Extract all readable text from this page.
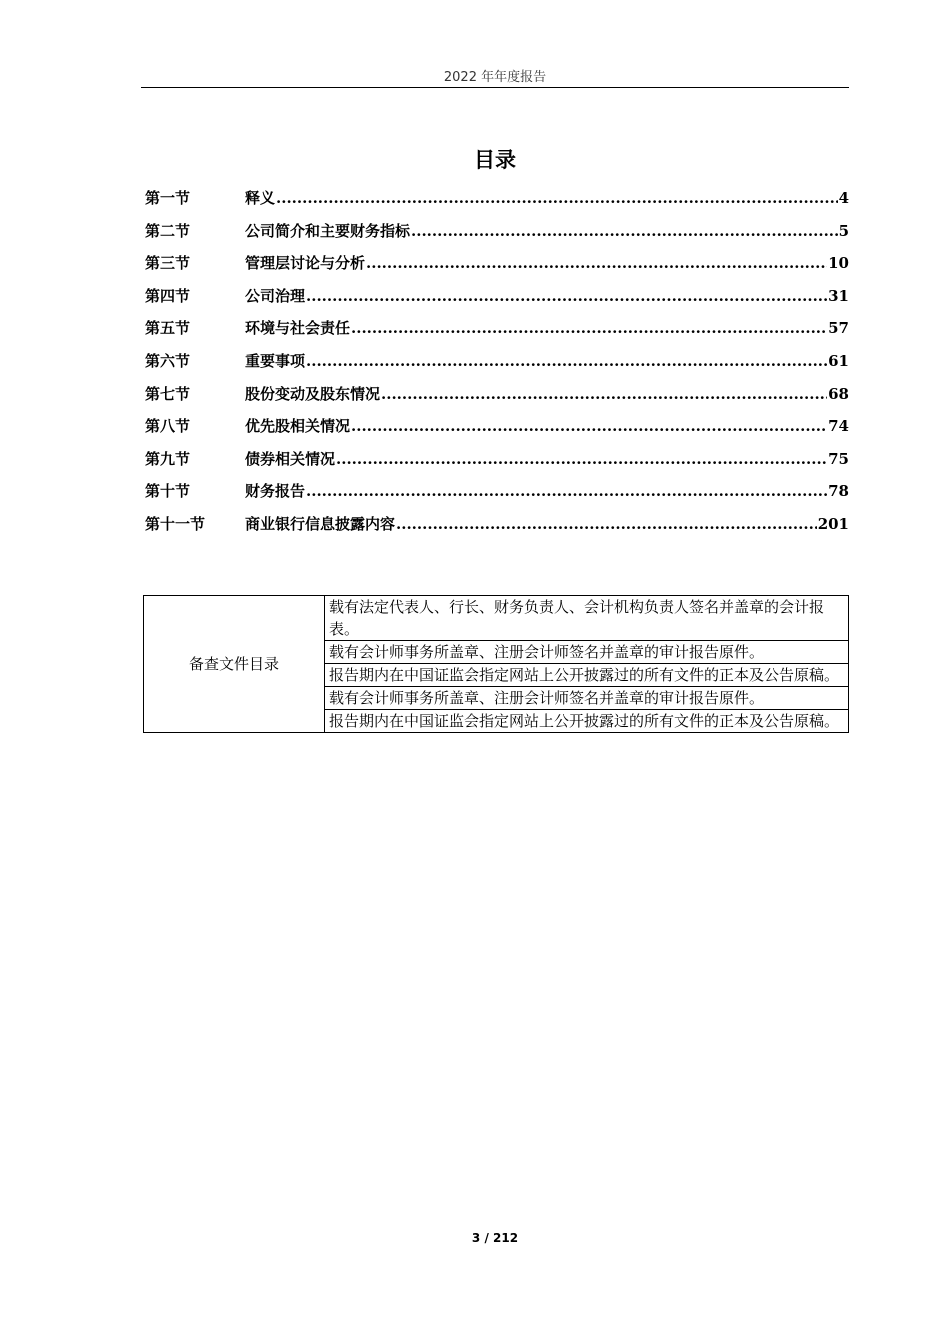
2022 年年度报告
目录
第一节	释义 .....	4
第二节	公司简介和主要财务指标 .....	5
第三节	管理层讨论与分析 .....	10
第四节	公司治理 .....	31
第五节	环境与社会责任 .....	57
第六节	重要事项 .....	61
第七节	股份变动及股东情况 .....	68
第八节	优先股相关情况 .....	74
第九节	债券相关情况 .....	75
第十节	财务报告 .....	78
第十一节	商业银行信息披露内容 .....	201
备查文件目录	载有法定代表人、行长、财务负责人、会计机构负责人签名并盖章的会计报表。
载有会计师事务所盖章、注册会计师签名并盖章的审计报告原件。
报告期内在中国证监会指定网站上公开披露过的所有文件的正本及公告原稿。
载有会计师事务所盖章、注册会计师签名并盖章的审计报告原件。
报告期内在中国证监会指定网站上公开披露过的所有文件的正本及公告原稿。
3 / 212
